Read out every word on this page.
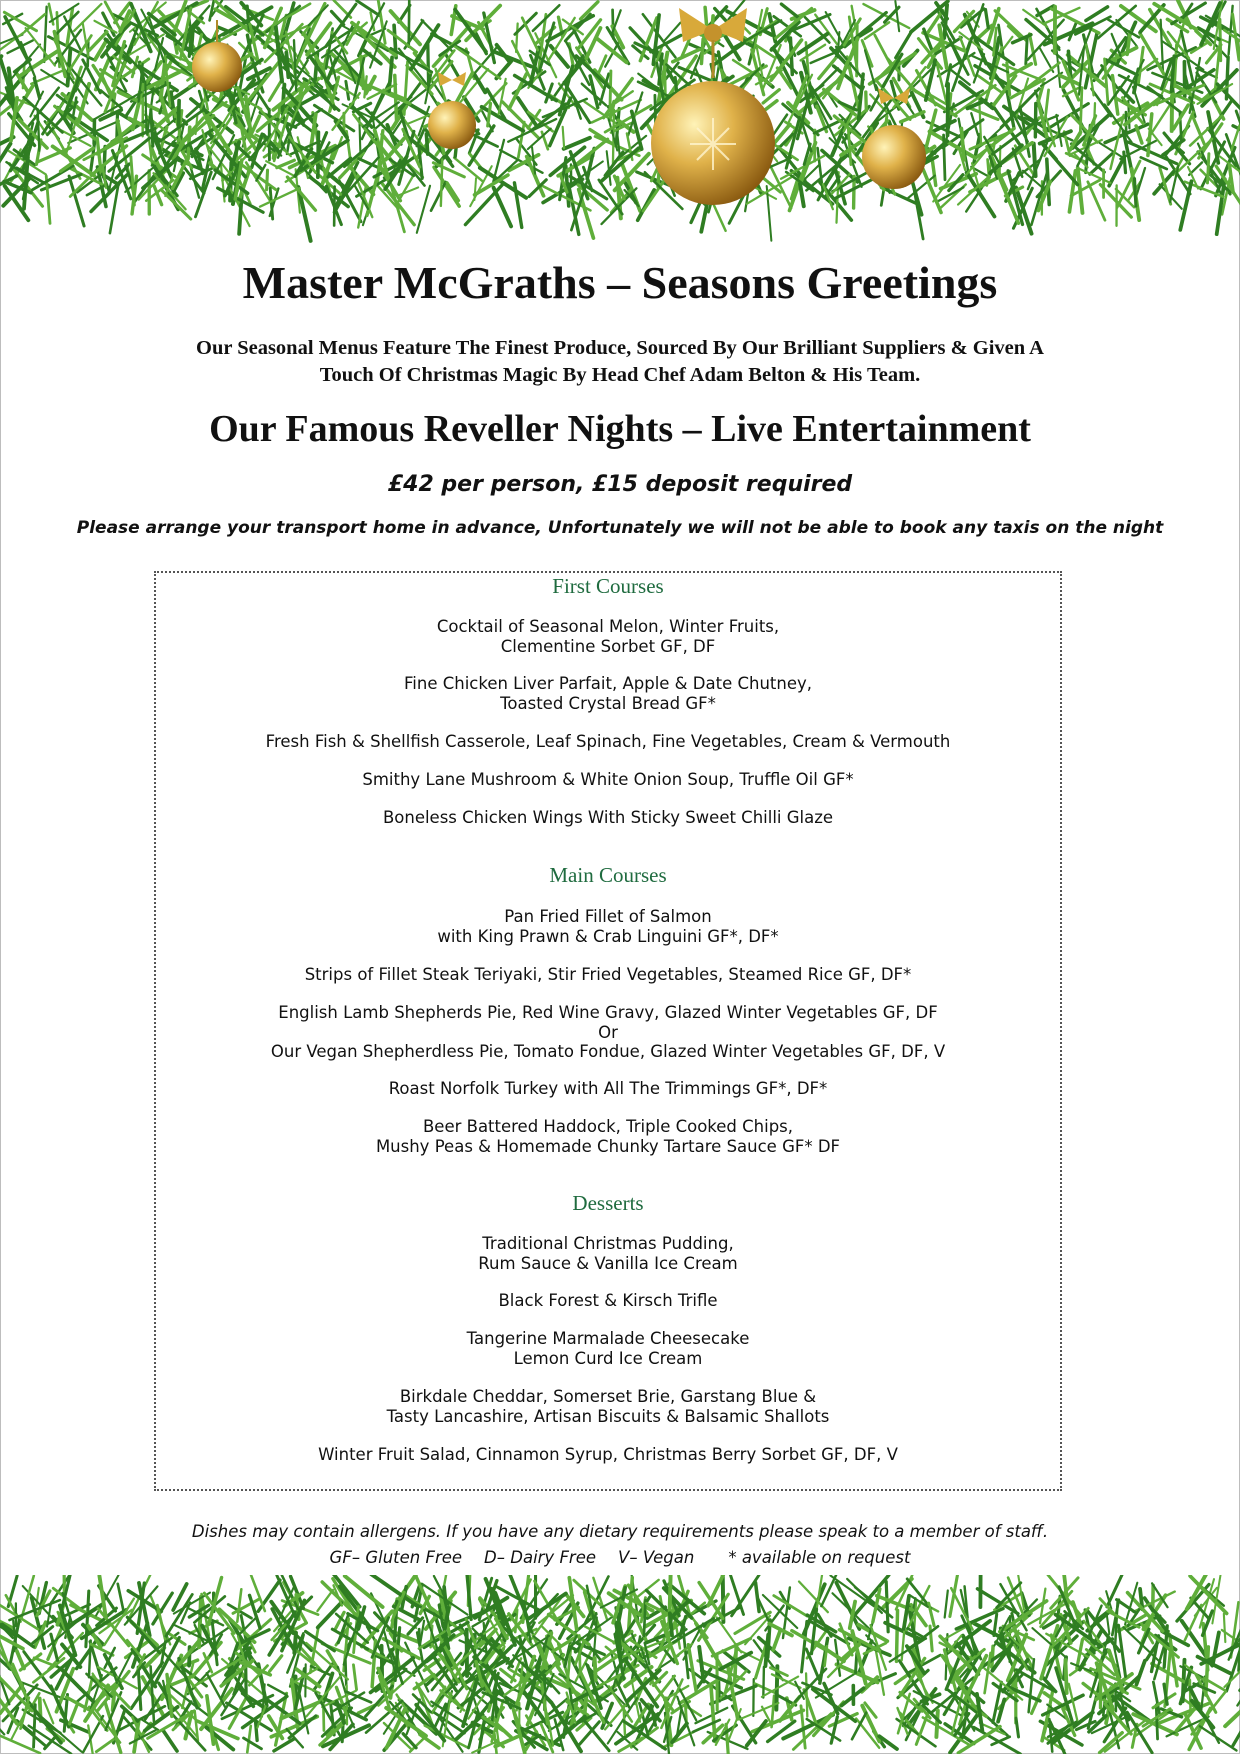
Master McGraths – Seasons Greetings
Our Seasonal Menus Feature The Finest Produce, Sourced By Our Brilliant Suppliers & Given A
Touch Of Christmas Magic By Head Chef Adam Belton & His Team.
Our Famous Reveller Nights – Live Entertainment
£42 per person, £15 deposit required
Please arrange your transport home in advance, Unfortunately we will not be able to book any taxis on the night
First Courses
Cocktail of Seasonal Melon, Winter Fruits,
Clementine Sorbet GF, DF
Fine Chicken Liver Parfait, Apple & Date Chutney,
Toasted Crystal Bread GF*
Fresh Fish & Shellfish Casserole, Leaf Spinach, Fine Vegetables, Cream & Vermouth
Smithy Lane Mushroom & White Onion Soup, Truffle Oil GF*
Boneless Chicken Wings With Sticky Sweet Chilli Glaze
Main Courses
Pan Fried Fillet of Salmon
with King Prawn & Crab Linguini GF*, DF*
Strips of Fillet Steak Teriyaki, Stir Fried Vegetables, Steamed Rice GF, DF*
English Lamb Shepherds Pie, Red Wine Gravy, Glazed Winter Vegetables GF, DF
Or
Our Vegan Shepherdless Pie, Tomato Fondue, Glazed Winter Vegetables GF, DF, V
Roast Norfolk Turkey with All The Trimmings GF*, DF*
Beer Battered Haddock, Triple Cooked Chips,
Mushy Peas & Homemade Chunky Tartare Sauce GF* DF
Desserts
Traditional Christmas Pudding,
Rum Sauce & Vanilla Ice Cream
Black Forest & Kirsch Trifle
Tangerine Marmalade Cheesecake
Lemon Curd Ice Cream
Birkdale Cheddar, Somerset Brie, Garstang Blue &
Tasty Lancashire, Artisan Biscuits & Balsamic Shallots
Winter Fruit Salad, Cinnamon Syrup, Christmas Berry Sorbet GF, DF, V
Dishes may contain allergens. If you have any dietary requirements please speak to a member of staff.
GF– Gluten Free D– Dairy Free V– Vegan * available on request
